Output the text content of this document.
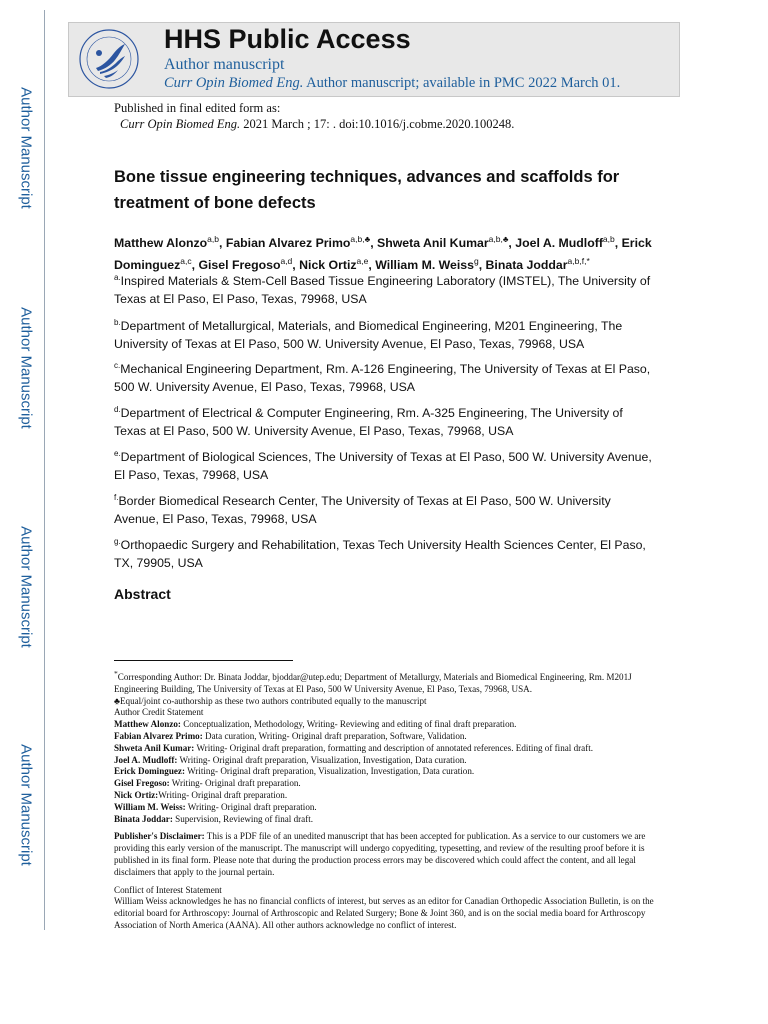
Author Manuscript
Author Manuscript
Author Manuscript
Author Manuscript
HHS Public Access
Author manuscript
Curr Opin Biomed Eng. Author manuscript; available in PMC 2022 March 01.
Published in final edited form as:
Curr Opin Biomed Eng. 2021 March ; 17: . doi:10.1016/j.cobme.2020.100248.
Bone tissue engineering techniques, advances and scaffolds for treatment of bone defects
Matthew Alonzo$^{a,b}$, Fabian Alvarez Primo$^{a,b,♣}$, Shweta Anil Kumar$^{a,b,♣}$, Joel A. Mudloff$^{a,b}$, Erick Dominguez$^{a,c}$, Gisel Fregoso$^{a,d}$, Nick Ortiz$^{a,e}$, William M. Weiss$^g$, Binata Joddar$^{a,b,f,*}$
$^{a.}$Inspired Materials & Stem-Cell Based Tissue Engineering Laboratory (IMSTEL), The University of Texas at El Paso, El Paso, Texas, 79968, USA
$^{b.}$Department of Metallurgical, Materials, and Biomedical Engineering, M201 Engineering, The University of Texas at El Paso, 500 W. University Avenue, El Paso, Texas, 79968, USA
$^{c.}$Mechanical Engineering Department, Rm. A-126 Engineering, The University of Texas at El Paso, 500 W. University Avenue, El Paso, Texas, 79968, USA
$^{d.}$Department of Electrical & Computer Engineering, Rm. A-325 Engineering, The University of Texas at El Paso, 500 W. University Avenue, El Paso, Texas, 79968, USA
$^{e.}$Department of Biological Sciences, The University of Texas at El Paso, 500 W. University Avenue, El Paso, Texas, 79968, USA
$^{f.}$Border Biomedical Research Center, The University of Texas at El Paso, 500 W. University Avenue, El Paso, Texas, 79968, USA
$^{g.}$Orthopaedic Surgery and Rehabilitation, Texas Tech University Health Sciences Center, El Paso, TX, 79905, USA
Abstract

*Corresponding Author: Dr. Binata Joddar, bjoddar@utep.edu; Department of Metallurgy, Materials and Biomedical Engineering, Rm. M201J Engineering Building, The University of Texas at El Paso, 500 W University Avenue, El Paso, Texas, 79968, USA.

♣Equal/joint co-authorship as these two authors contributed equally to the manuscript

Author Credit Statement

Matthew Alonzo: Conceptualization, Methodology, Writing- Reviewing and editing of final draft preparation.

Fabian Alvarez Primo: Data curation, Writing- Original draft preparation, Software, Validation.

Shweta Anil Kumar: Writing- Original draft preparation, formatting and description of annotated references. Editing of final draft.

Joel A. Mudloff: Writing- Original draft preparation, Visualization, Investigation, Data curation.

Erick Dominguez: Writing- Original draft preparation, Visualization, Investigation, Data curation.

Gisel Fregoso: Writing- Original draft preparation.

Nick Ortiz:Writing- Original draft preparation.

William M. Weiss: Writing- Original draft preparation.

Binata Joddar: Supervision, Reviewing of final draft.

Publisher's Disclaimer: This is a PDF file of an unedited manuscript that has been accepted for publication. As a service to our customers we are providing this early version of the manuscript. The manuscript will undergo copyediting, typesetting, and review of the resulting proof before it is published in its final form. Please note that during the production process errors may be discovered which could affect the content, and all legal disclaimers that apply to the journal pertain.

Conflict of Interest Statement

William Weiss acknowledges he has no financial conflicts of interest, but serves as an editor for Canadian Orthopedic Association Bulletin, is on the editorial board for Arthroscopy: Journal of Arthroscopic and Related Surgery; Bone & Joint 360, and is on the social media board for Arthroscopy Association of North America (AANA). All other authors acknowledge no conflict of interest.
